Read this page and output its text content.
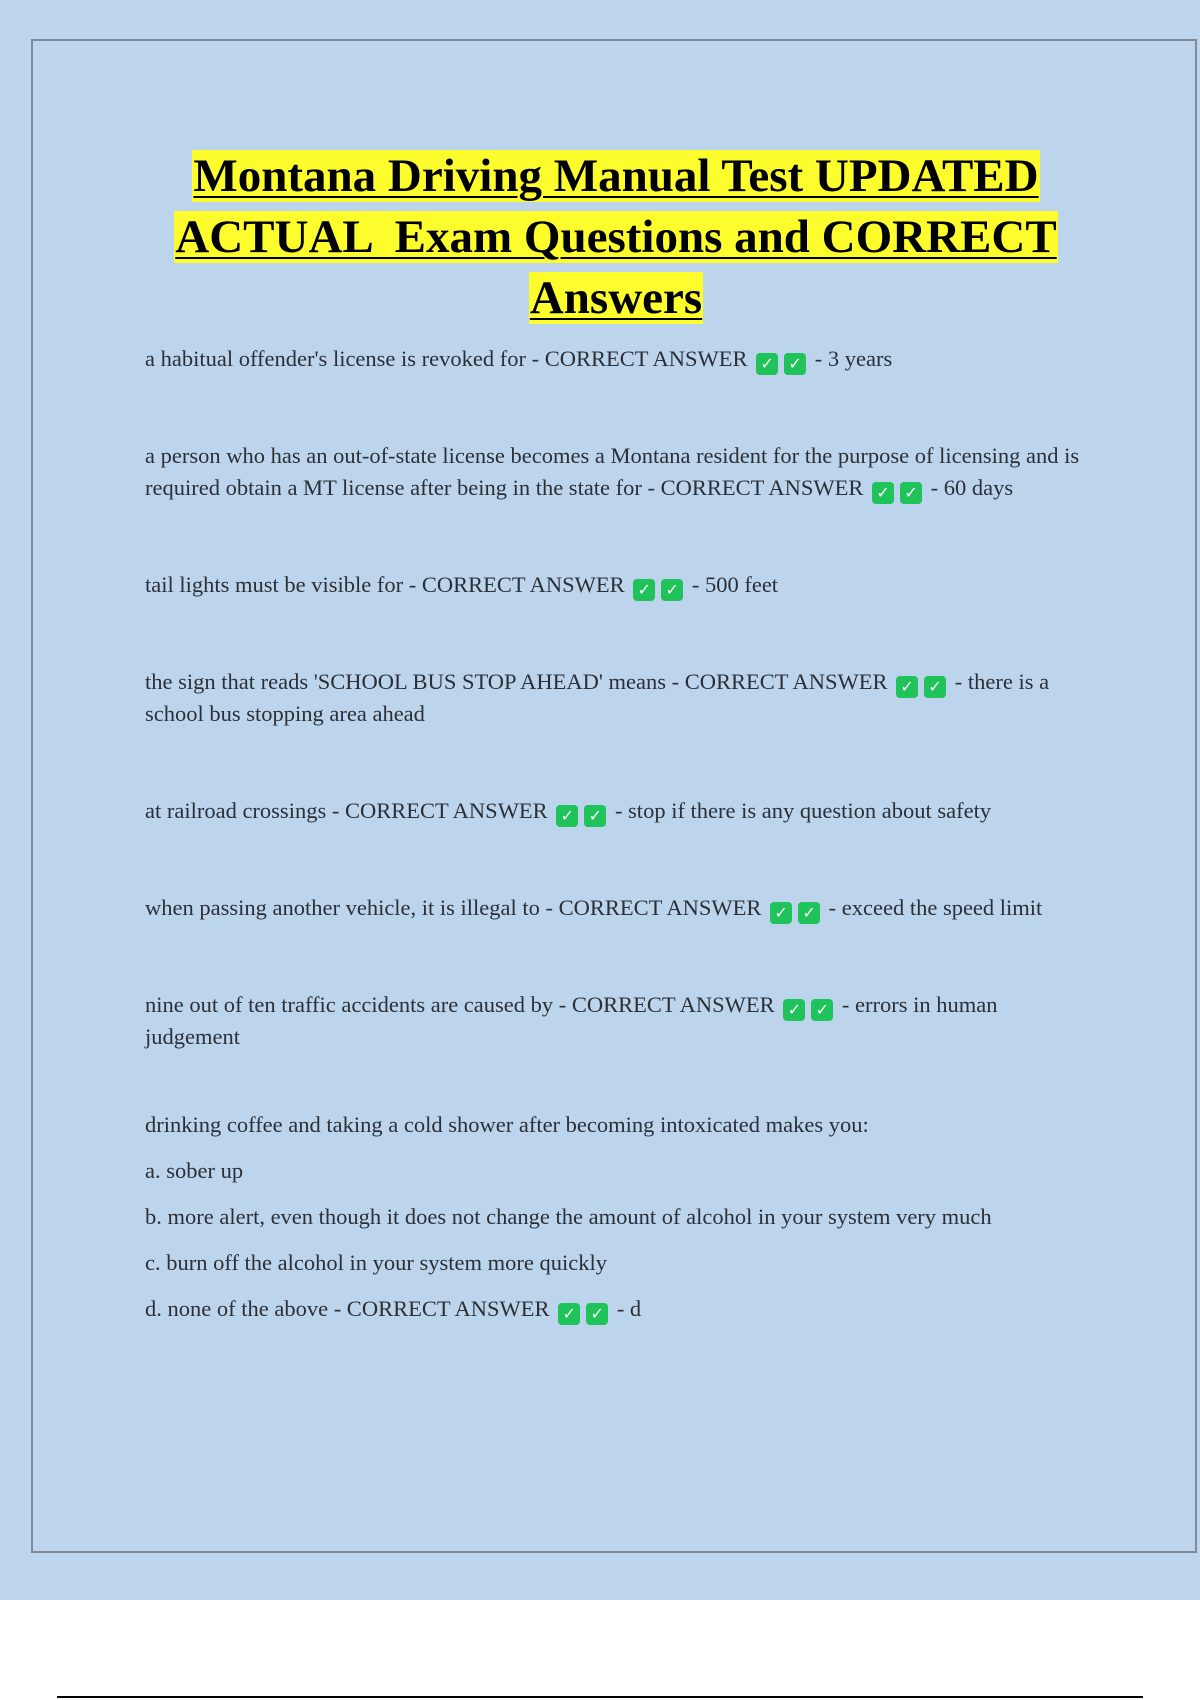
Montana Driving Manual Test UPDATED
ACTUAL  Exam Questions and CORRECT
Answers

a habitual offender's license is revoked for - CORRECT ANSWER ✓ ✓ - 3 years

a person who has an out-of-state license becomes a Montana resident for the purpose of licensing and is required obtain a MT license after being in the state for - CORRECT ANSWER ✓ ✓ - 60 days

tail lights must be visible for - CORRECT ANSWER ✓ ✓ - 500 feet

the sign that reads 'SCHOOL BUS STOP AHEAD' means - CORRECT ANSWER ✓ ✓ - there is a school bus stopping area ahead

at railroad crossings - CORRECT ANSWER ✓ ✓ - stop if there is any question about safety

when passing another vehicle, it is illegal to - CORRECT ANSWER ✓ ✓ - exceed the speed limit

nine out of ten traffic accidents are caused by - CORRECT ANSWER ✓ ✓ - errors in human judgement

drinking coffee and taking a cold shower after becoming intoxicated makes you:

a. sober up

b. more alert, even though it does not change the amount of alcohol in your system very much

c. burn off the alcohol in your system more quickly

d. none of the above - CORRECT ANSWER ✓ ✓ - d
